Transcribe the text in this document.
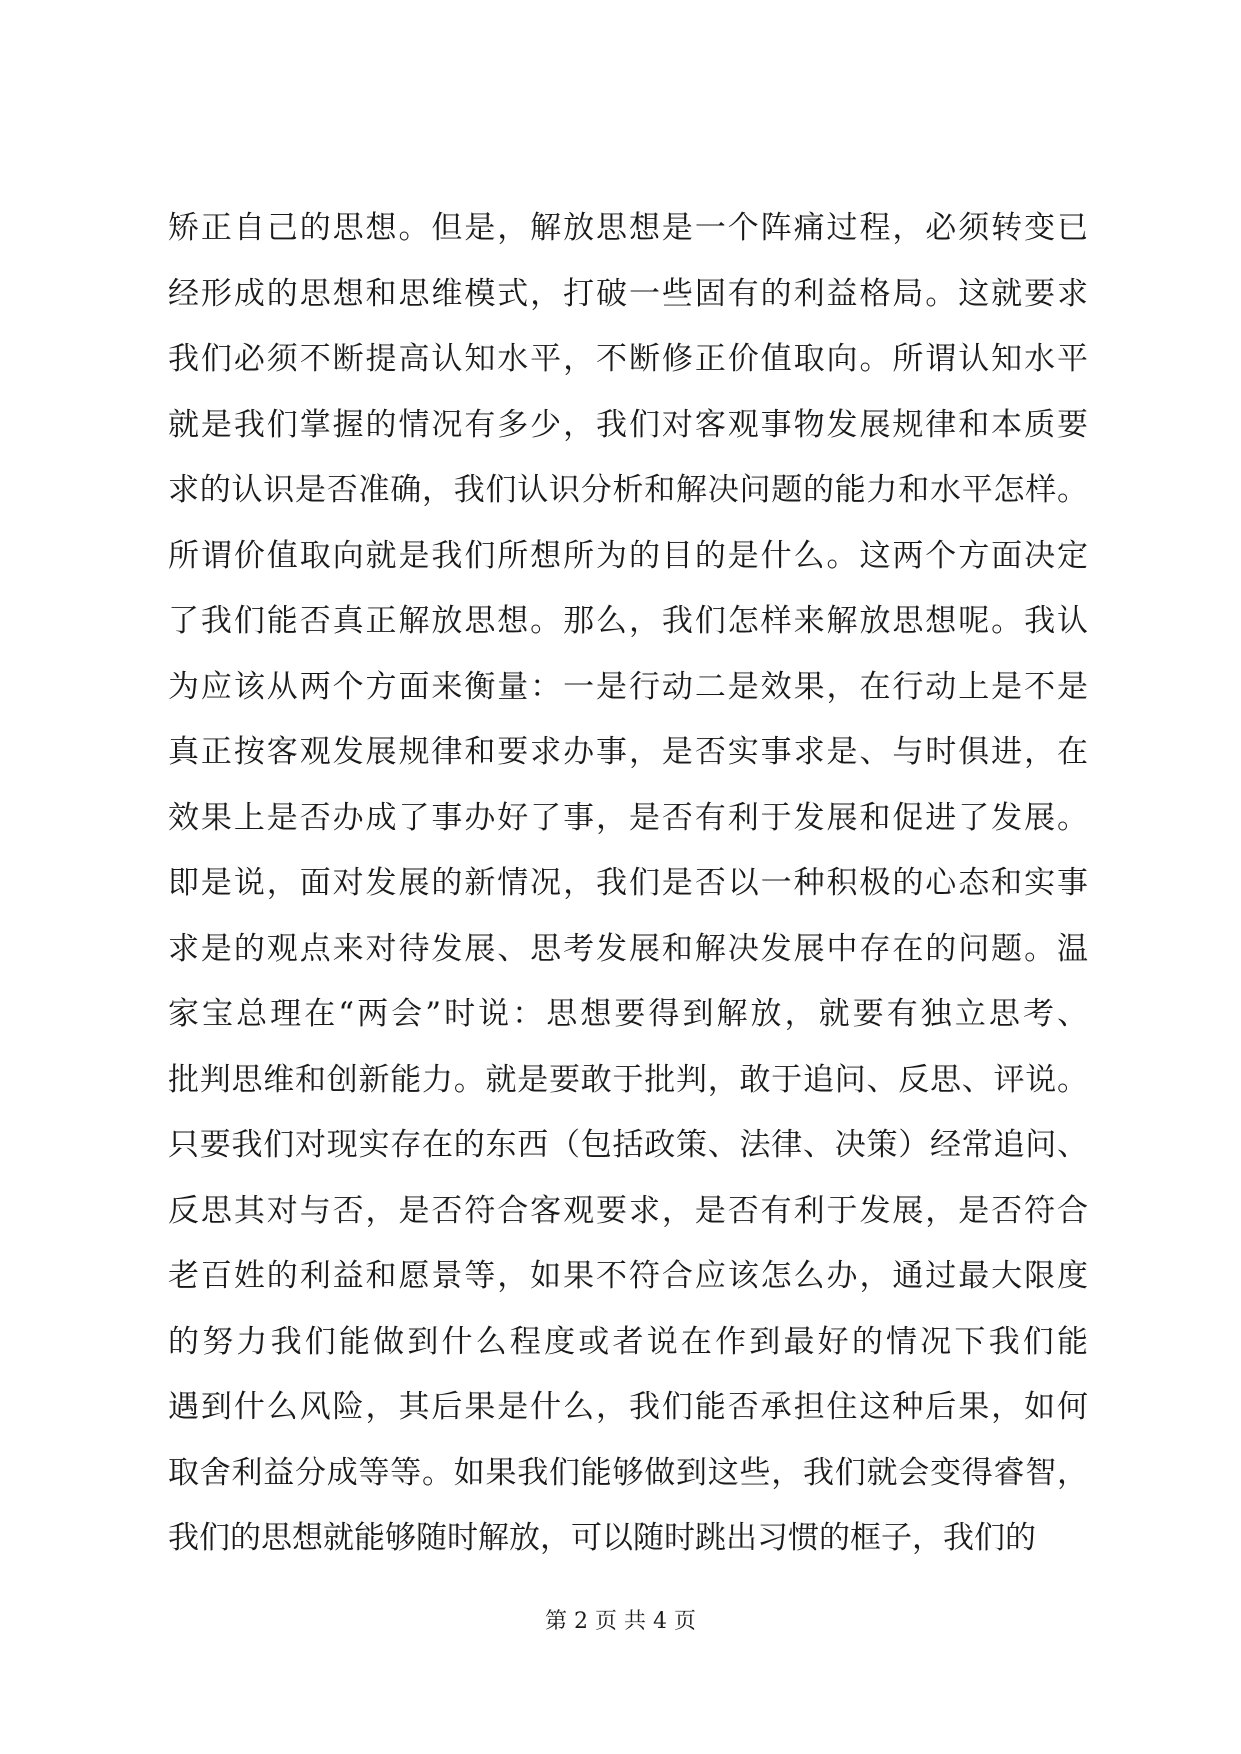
矫正自己的思想。但是，解放思想是一个阵痛过程，必须转变已
经形成的思想和思维模式，打破一些固有的利益格局。这就要求
我们必须不断提高认知水平，不断修正价值取向。所谓认知水平
就是我们掌握的情况有多少，我们对客观事物发展规律和本质要
求的认识是否准确，我们认识分析和解决问题的能力和水平怎样。
所谓价值取向就是我们所想所为的目的是什么。这两个方面决定
了我们能否真正解放思想。那么，我们怎样来解放思想呢。我认
为应该从两个方面来衡量：一是行动二是效果，在行动上是不是
真正按客观发展规律和要求办事，是否实事求是、与时俱进，在
效果上是否办成了事办好了事，是否有利于发展和促进了发展。
即是说，面对发展的新情况，我们是否以一种积极的心态和实事
求是的观点来对待发展、思考发展和解决发展中存在的问题。温
家宝总理在“两会”时说：思想要得到解放，就要有独立思考、
批判思维和创新能力。就是要敢于批判，敢于追问、反思、评说。
只要我们对现实存在的东西（包括政策、法律、决策）经常追问、
反思其对与否，是否符合客观要求，是否有利于发展，是否符合
老百姓的利益和愿景等，如果不符合应该怎么办，通过最大限度
的努力我们能做到什么程度或者说在作到最好的情况下我们能
遇到什么风险，其后果是什么，我们能否承担住这种后果，如何
取舍利益分成等等。如果我们能够做到这些，我们就会变得睿智，
我们的思想就能够随时解放，可以随时跳出习惯的框子，我们的
第 2 页 共 4 页
